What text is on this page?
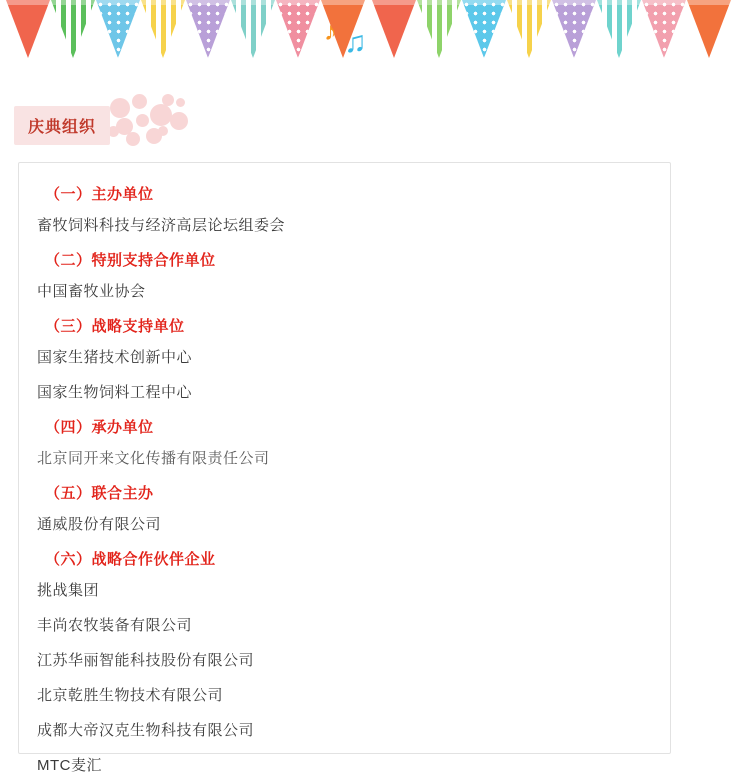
♪ ♫
庆典组织
（一）主办单位
畜牧饲料科技与经济高层论坛组委会
（二）特别支持合作单位
中国畜牧业协会
（三）战略支持单位
国家生猪技术创新中心
国家生物饲料工程中心
（四）承办单位
北京同开来文化传播有限责任公司
（五）联合主办
通威股份有限公司
（六）战略合作伙伴企业
挑战集团
丰尚农牧装备有限公司
江苏华丽智能科技股份有限公司
北京乾胜生物技术有限公司
成都大帝汉克生物科技有限公司
MTC麦汇
